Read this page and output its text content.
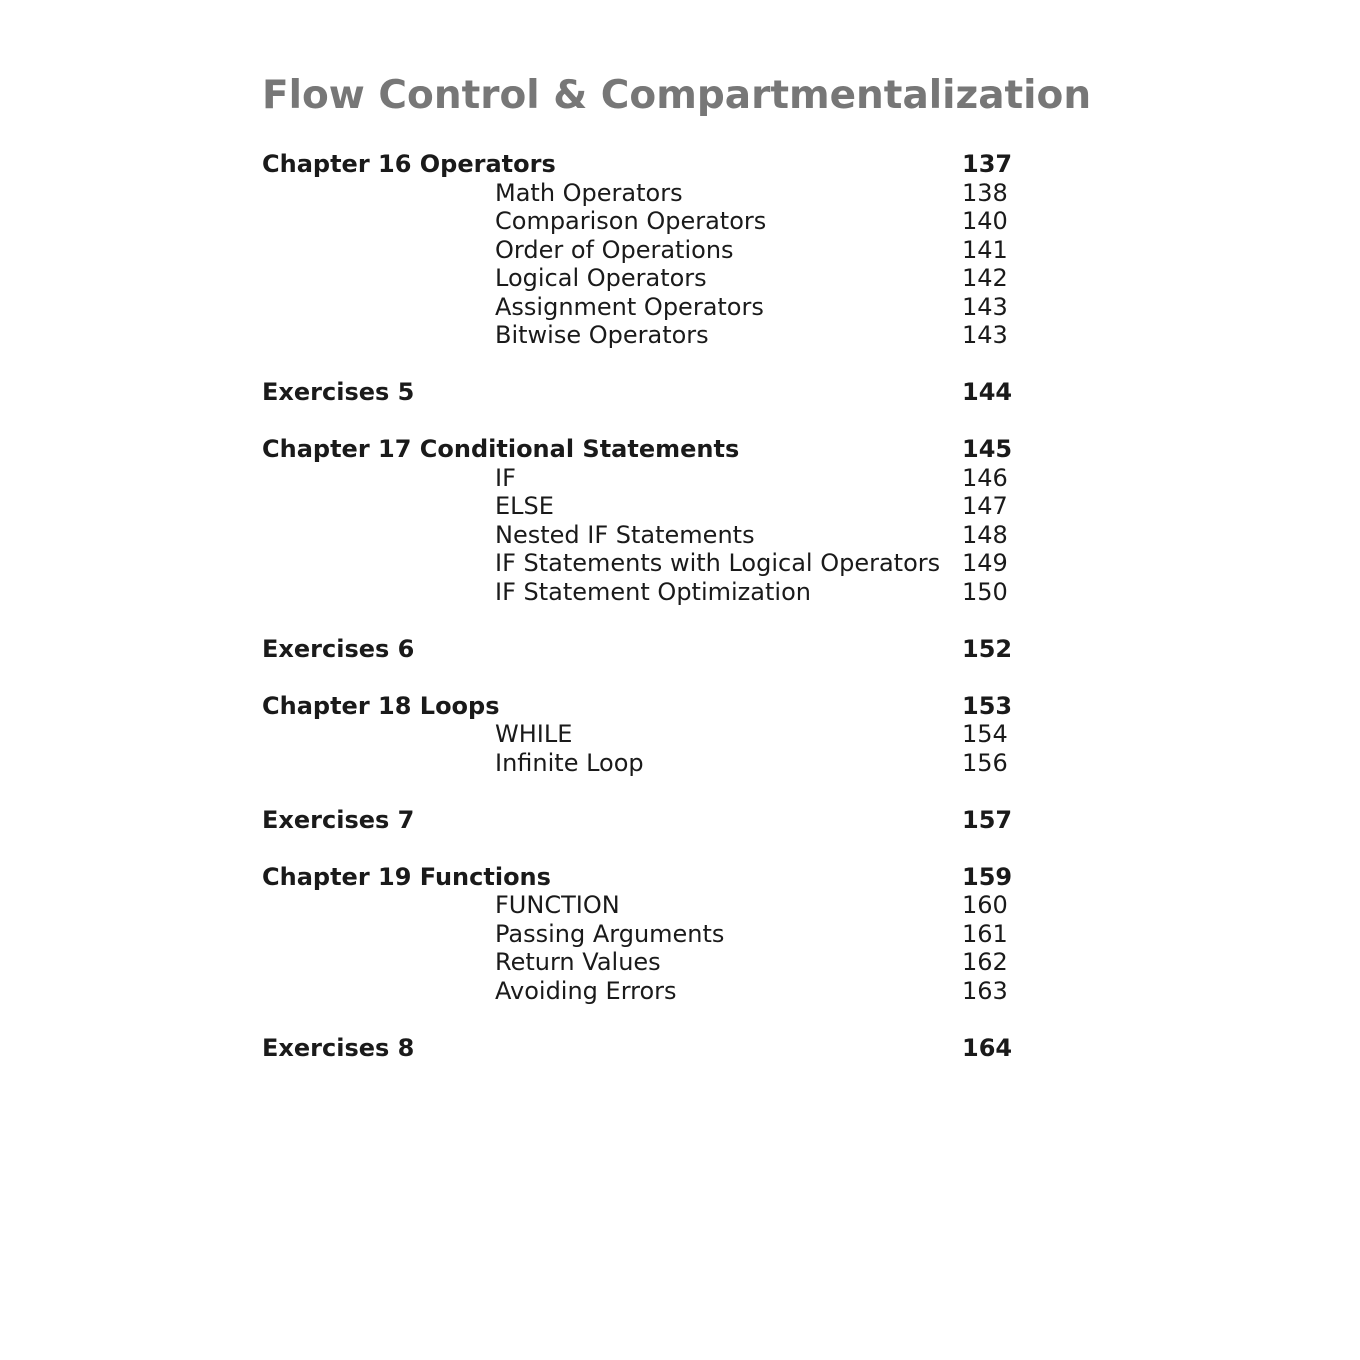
Flow Control & Compartmentalization
Chapter 16 Operators	137
Math Operators	138
Comparison Operators	140
Order of Operations	141
Logical Operators	142
Assignment Operators	143
Bitwise Operators	143
Exercises 5	144
Chapter 17 Conditional Statements	145
IF	146
ELSE	147
Nested IF Statements	148
IF Statements with Logical Operators 149
IF Statement Optimization	150
Exercises 6	152
Chapter 18 Loops	153
WHILE	154
Infinite Loop	156
Exercises 7	157
Chapter 19 Functions	159
FUNCTION	160
Passing Arguments	161
Return Values	162
Avoiding Errors	163
Exercises 8	164
